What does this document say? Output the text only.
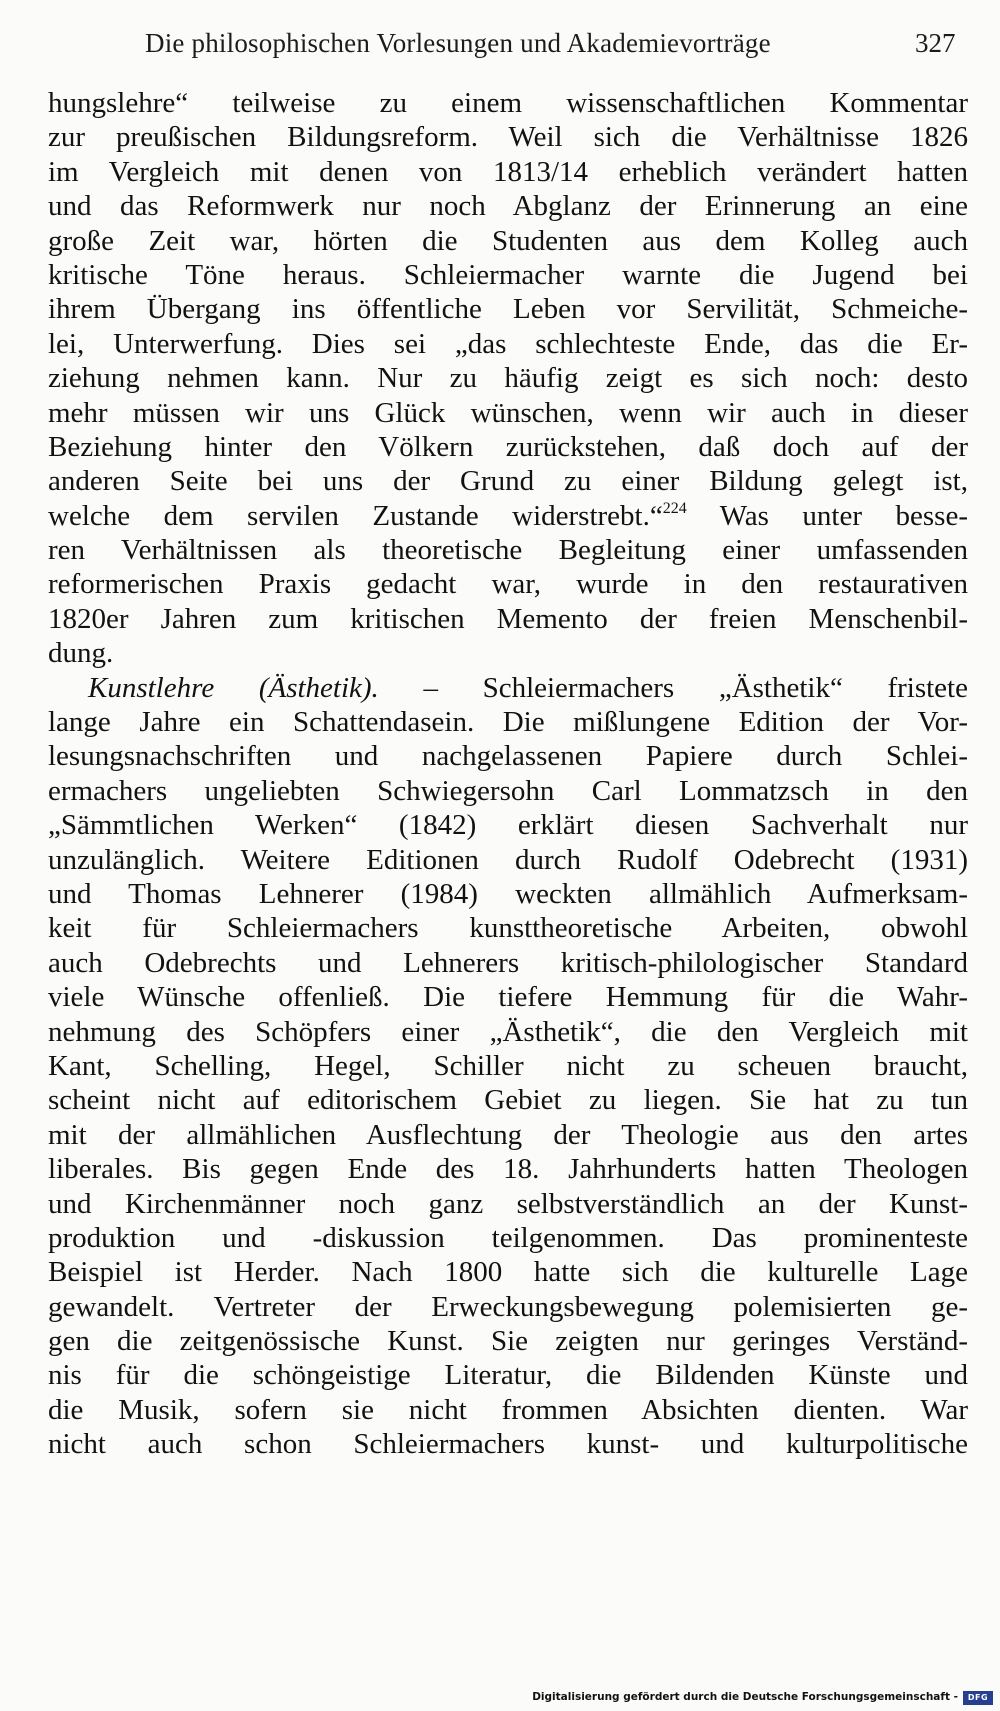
Die philosophischen Vorlesungen und Akademievorträge	327
hungslehre“ teilweise zu einem wissenschaftlichen Kommentar
zur preußischen Bildungsreform. Weil sich die Verhältnisse 1826
im Vergleich mit denen von 1813/14 erheblich verändert hatten
und das Reformwerk nur noch Abglanz der Erinnerung an eine
große Zeit war, hörten die Studenten aus dem Kolleg auch
kritische Töne heraus. Schleiermacher warnte die Jugend bei
ihrem Übergang ins öffentliche Leben vor Servilität, Schmeiche-
lei, Unterwerfung. Dies sei „das schlechteste Ende, das die Er-
ziehung nehmen kann. Nur zu häufig zeigt es sich noch: desto
mehr müssen wir uns Glück wünschen, wenn wir auch in dieser
Beziehung hinter den Völkern zurückstehen, daß doch auf der
anderen Seite bei uns der Grund zu einer Bildung gelegt ist,
welche dem servilen Zustande widerstrebt.“$^{224}$ Was unter besse-
ren Verhältnissen als theoretische Begleitung einer umfassenden
reformerischen Praxis gedacht war, wurde in den restaurativen
1820er Jahren zum kritischen Memento der freien Menschenbil-
dung.
Kunstlehre (Ästhetik). – Schleiermachers „Ästhetik“ fristete
lange Jahre ein Schattendasein. Die mißlungene Edition der Vor-
lesungsnachschriften und nachgelassenen Papiere durch Schlei-
ermachers ungeliebten Schwiegersohn Carl Lommatzsch in den
„Sämmtlichen Werken“ (1842) erklärt diesen Sachverhalt nur
unzulänglich. Weitere Editionen durch Rudolf Odebrecht (1931)
und Thomas Lehnerer (1984) weckten allmählich Aufmerksam-
keit für Schleiermachers kunsttheoretische Arbeiten, obwohl
auch Odebrechts und Lehnerers kritisch-philologischer Standard
viele Wünsche offenließ. Die tiefere Hemmung für die Wahr-
nehmung des Schöpfers einer „Ästhetik“, die den Vergleich mit
Kant, Schelling, Hegel, Schiller nicht zu scheuen braucht,
scheint nicht auf editorischem Gebiet zu liegen. Sie hat zu tun
mit der allmählichen Ausflechtung der Theologie aus den artes
liberales. Bis gegen Ende des 18. Jahrhunderts hatten Theologen
und Kirchenmänner noch ganz selbstverständlich an der Kunst-
produktion und -diskussion teilgenommen. Das prominenteste
Beispiel ist Herder. Nach 1800 hatte sich die kulturelle Lage
gewandelt. Vertreter der Erweckungsbewegung polemisierten ge-
gen die zeitgenössische Kunst. Sie zeigten nur geringes Verständ-
nis für die schöngeistige Literatur, die Bildenden Künste und
die Musik, sofern sie nicht frommen Absichten dienten. War
nicht auch schon Schleiermachers kunst- und kulturpolitische
Digitalisierung gefördert durch die Deutsche Forschungsgemeinschaft -	DFG
